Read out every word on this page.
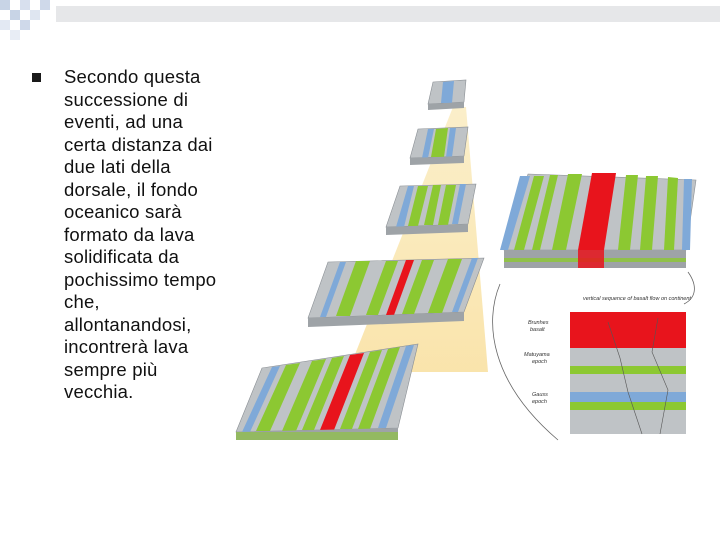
Secondo questa successione di eventi, ad una certa distanza dai due lati della dorsale, il fondo oceanico sarà formato da lava solidificata da pochissimo tempo che, allontanandosi, incontrerà lava sempre più vecchia.
vertical sequence of basalt flow on continent
Brunhes
basalt
Matuyama
epoch
Gauss
epoch
